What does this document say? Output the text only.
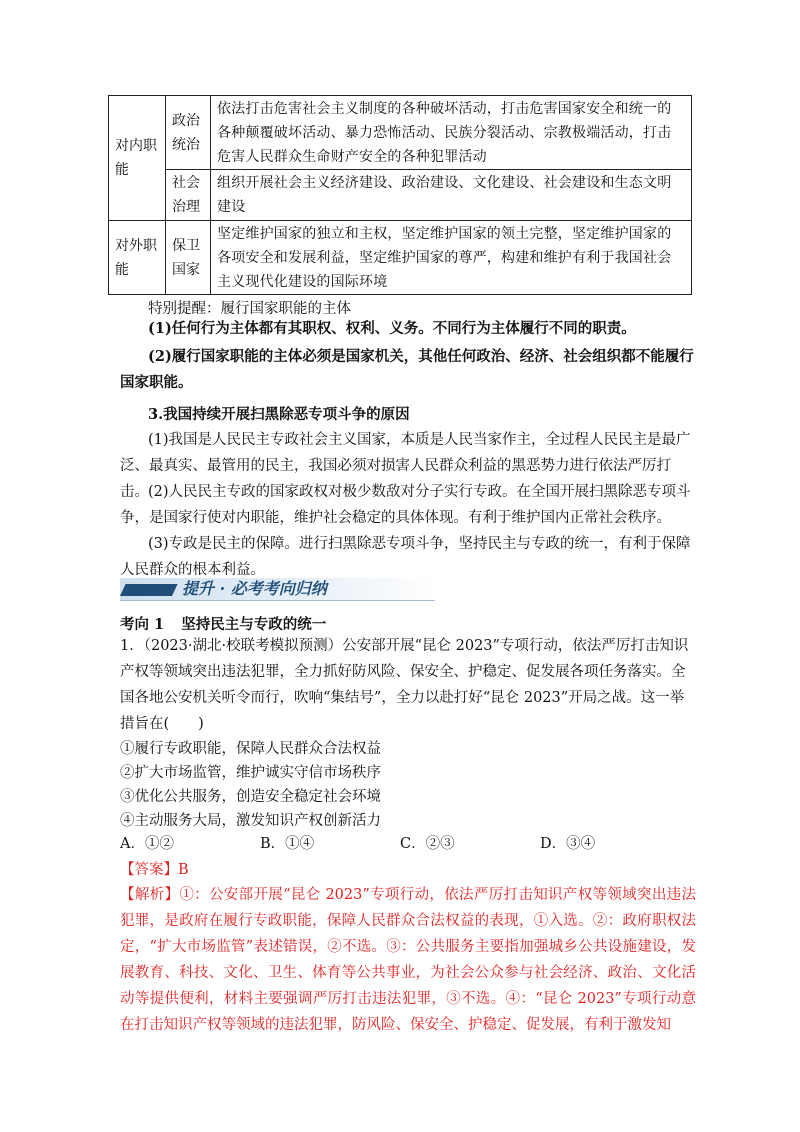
对内职能	政治统治	依法打击危害社会主义制度的各种破坏活动，打击危害国家安全和统一的各种颠覆破坏活动、暴力恐怖活动、民族分裂活动、宗教极端活动，打击危害人民群众生命财产安全的各种犯罪活动
	社会治理	组织开展社会主义经济建设、政治建设、文化建设、社会建设和生态文明建设
对外职能	保卫国家	坚定维护国家的独立和主权，坚定维护国家的领土完整，坚定维护国家的各项安全和发展利益，坚定维护国家的尊严，构建和维护有利于我国社会主义现代化建设的国际环境
特别提醒：履行国家职能的主体

(1)任何行为主体都有其职权、权利、义务。不同行为主体履行不同的职责。

(2)履行国家职能的主体必须是国家机关，其他任何政治、经济、社会组织都不能履行国家职能。

3.我国持续开展扫黑除恶专项斗争的原因

(1)我国是人民民主专政社会主义国家，本质是人民当家作主，全过程人民民主是最广泛、最真实、最管用的民主，我国必须对损害人民群众利益的黑恶势力进行依法严厉打击。 (2)人民民主专政的国家政权对极少数敌对分子实行专政。在全国开展扫黑除恶专项斗争，是国家行使对内职能，维护社会稳定的具体体现。有利于维护国内正常社会秩序。

(3)专政是民主的保障。进行扫黑除恶专项斗争，坚持民主与专政的统一，有利于保障人民群众的根本利益。

提升 · 必考考向归纳
考向 1 坚持民主与专政的统一

1．（2023·湖北·校联考模拟预测）公安部开展“昆仑 2023”专项行动，依法严厉打击知识产权等领域突出违法犯罪，全力抓好防风险、保安全、护稳定、促发展各项任务落实。全国各地公安机关听令而行，吹响“集结号”，全力以赴打好“昆仑 2023”开局之战。这一举措旨在(　　)

①履行专政职能，保障人民群众合法权益
②扩大市场监管，维护诚实守信市场秩序
③优化公共服务，创造安全稳定社会环境
④主动服务大局，激发知识产权创新活力
A．①②	B．①④	C．②③	D．③④
【答案】B

【解析】①：公安部开展“昆仑 2023”专项行动，依法严厉打击知识产权等领域突出违法犯罪，是政府在履行专政职能，保障人民群众合法权益的表现，①入选。②：政府职权法定，“扩大市场监管”表述错误，②不选。③：公共服务主要指加强城乡公共设施建设，发展教育、科技、文化、卫生、体育等公共事业，为社会公众参与社会经济、政治、文化活动等提供便利，材料主要强调严厉打击违法犯罪，③不选。④：“昆仑 2023”专项行动意在打击知识产权等领域的违法犯罪，防风险、保安全、护稳定、促发展，有利于激发知
